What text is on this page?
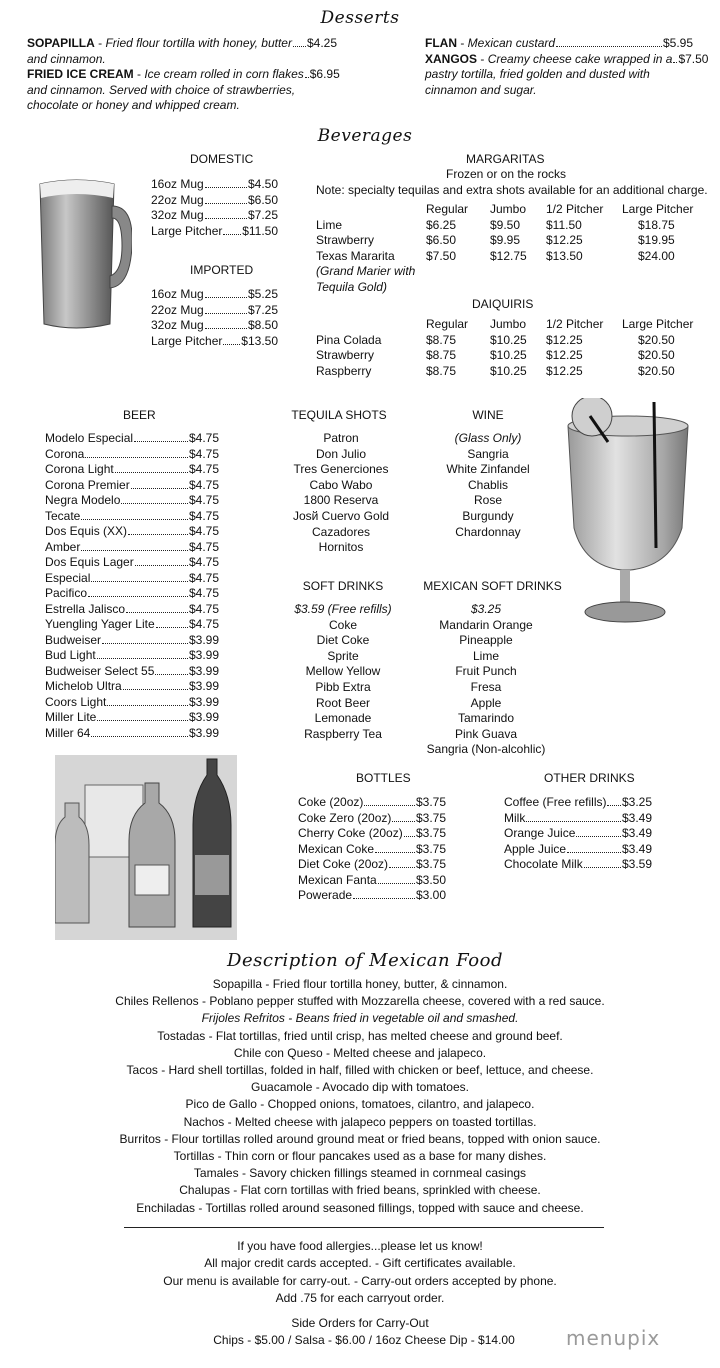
Desserts
SOPAPILLA - Fried flour tortilla with honey, butter $4.25
and cinnamon.
FRIED ICE CREAM - Ice cream rolled in corn flakes $6.95
and cinnamon. Served with choice of strawberries,
chocolate or honey and whipped cream.
FLAN - Mexican custard	$5.95
XANGOS - Creamy cheese cake wrapped in a $7.50
pastry tortilla, fried golden and dusted with
cinnamon and sugar.
Beverages
DOMESTIC
16oz Mug	$4.50
22oz Mug	$6.50
32oz Mug	$7.25
Large Pitcher $11.50
IMPORTED
16oz Mug	$5.25
22oz Mug	$7.25
32oz Mug	$8.50
Large Pitcher $13.50
MARGARITAS
Frozen or on the rocks
Note: specialty tequilas and extra shots available for an additional charge.
	Regular	Jumbo	1/2 Pitcher	Large Pitcher
Lime	$6.25	$9.50	$11.50	$18.75
Strawberry	$6.50	$9.95	$12.25	$19.95
Texas Mararita	$7.50	$12.75	$13.50	$24.00
(Grand Marier with				
Tequila Gold)				
DAIQUIRIS
	Regular	Jumbo	1/2 Pitcher	Large Pitcher
Pina Colada	$8.75	$10.25	$12.25	$20.50
Strawberry	$8.75	$10.25	$12.25	$20.50
Raspberry	$8.75	$10.25	$12.25	$20.50
BEER
Modelo Especial	$4.75
Corona	$4.75
Corona Light	$4.75
Corona Premier	$4.75
Negra Modelo	$4.75
Tecate	$4.75
Dos Equis (XX)	$4.75
Amber	$4.75
Dos Equis Lager	$4.75
Especial	$4.75
Pacifico	$4.75
Estrella Jalisco	$4.75
Yuengling Yager Lite	$4.75
Budweiser	$3.99
Bud Light	$3.99
Budweiser Select 55	$3.99
Michelob Ultra	$3.99
Coors Light	$3.99
Miller Lite	$3.99
Miller 64	$3.99
TEQUILA SHOTS
Patron
Don Julio
Tres Generciones
Cabo Wabo
1800 Reserva
Josй Cuervo Gold
Cazadores
Hornitos
WINE
(Glass Only)
Sangria
White Zinfandel
Chablis
Rose
Burgundy
Chardonnay
SOFT DRINKS
$3.59 (Free refills)
Coke
Diet Coke
Sprite
Mellow Yellow
Pibb Extra
Root Beer
Lemonade
Raspberry Tea
MEXICAN SOFT DRINKS
$3.25
Mandarin Orange
Pineapple
Lime
Fruit Punch
Fresa
Apple
Tamarindo
Pink Guava
Sangria (Non-alcohlic)
BOTTLES
Coke (20oz)	$3.75
Coke Zero (20oz) $3.75
Cherry Coke (20oz) $3.75
Mexican Coke	$3.75
Diet Coke (20oz) $3.75
Mexican Fanta	$3.50
Powerade	$3.00
OTHER DRINKS
Coffee (Free refills) $3.25
Milk	$3.49
Orange Juice	$3.49
Apple Juice	$3.49
Chocolate Milk	$3.59
Description of Mexican Food
Sopapilla - Fried flour tortilla honey, butter, & cinnamon.
Chiles Rellenos - Poblano pepper stuffed with Mozzarella cheese, covered with a red sauce.
Frijoles Refritos - Beans fried in vegetable oil and smashed.
Tostadas - Flat tortillas, fried until crisp, has melted cheese and ground beef.
Chile con Queso - Melted cheese and jalapeco.
Tacos - Hard shell tortillas, folded in half, filled with chicken or beef, lettuce, and cheese.
Guacamole - Avocado dip with tomatoes.
Pico de Gallo - Chopped onions, tomatoes, cilantro, and jalapeco.
Nachos - Melted cheese with jalapeco peppers on toasted tortillas.
Burritos - Flour tortillas rolled around ground meat or fried beans, topped with onion sauce.
Tortillas - Thin corn or flour pancakes used as a base for many dishes.
Tamales - Savory chicken fillings steamed in cornmeal casings
Chalupas - Flat corn tortillas with fried beans, sprinkled with cheese.
Enchiladas - Tortillas rolled around seasoned fillings, topped with sauce and cheese.
If you have food allergies...please let us know!
All major credit cards accepted. - Gift certificates available.
Our menu is available for carry-out. - Carry-out orders accepted by phone.
Add .75 for each carryout order.
Side Orders for Carry-Out
Chips - $5.00 / Salsa - $6.00 / 16oz Cheese Dip - $14.00	menupix
